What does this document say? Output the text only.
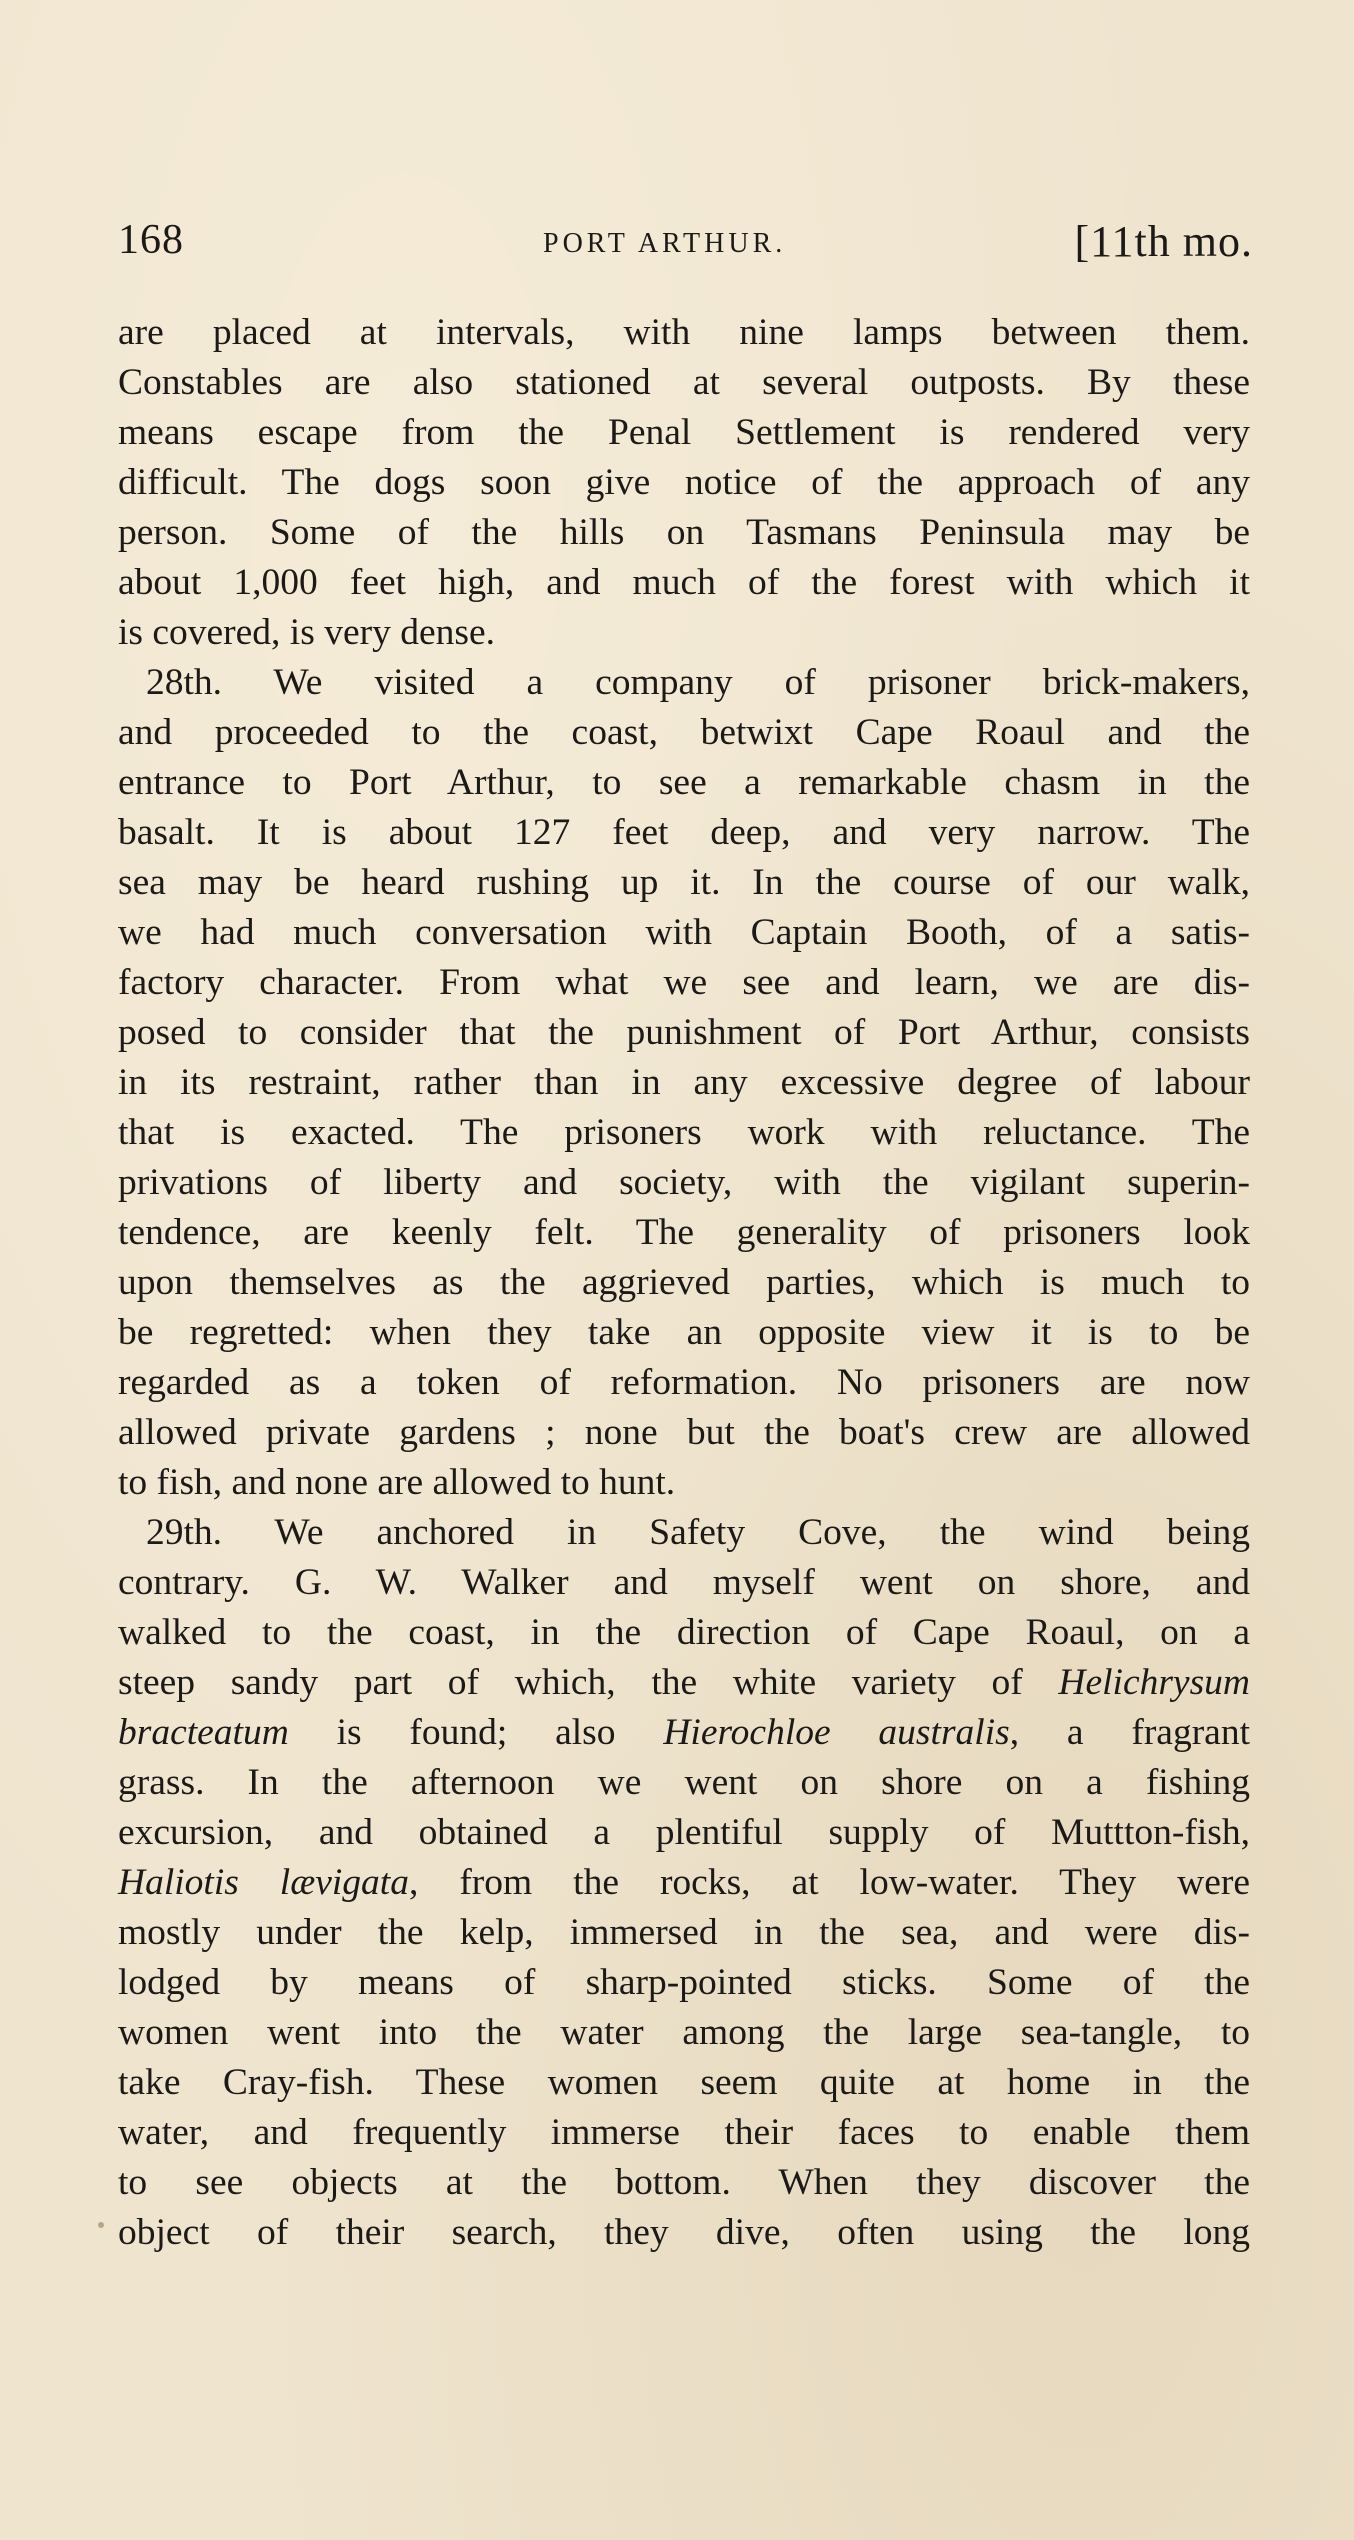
168	PORT ARTHUR.	[11th mo.
are placed at intervals, with nine lamps between them.
Constables are also stationed at several outposts. By these
means escape from the Penal Settlement is rendered very
difficult. The dogs soon give notice of the approach of any
person. Some of the hills on Tasmans Peninsula may be
about 1,000 feet high, and much of the forest with which it
is covered, is very dense.
28th. We visited a company of prisoner brick-makers,
and proceeded to the coast, betwixt Cape Roaul and the
entrance to Port Arthur, to see a remarkable chasm in the
basalt. It is about 127 feet deep, and very narrow. The
sea may be heard rushing up it. In the course of our walk,
we had much conversation with Captain Booth, of a satis-
factory character. From what we see and learn, we are dis-
posed to consider that the punishment of Port Arthur, consists
in its restraint, rather than in any excessive degree of labour
that is exacted. The prisoners work with reluctance. The
privations of liberty and society, with the vigilant superin-
tendence, are keenly felt. The generality of prisoners look
upon themselves as the aggrieved parties, which is much to
be regretted: when they take an opposite view it is to be
regarded as a token of reformation. No prisoners are now
allowed private gardens ; none but the boat's crew are allowed
to fish, and none are allowed to hunt.
29th. We anchored in Safety Cove, the wind being
contrary. G. W. Walker and myself went on shore, and
walked to the coast, in the direction of Cape Roaul, on a
steep sandy part of which, the white variety of Helichrysum
bracteatum is found; also Hierochloe australis, a fragrant
grass. In the afternoon we went on shore on a fishing
excursion, and obtained a plentiful supply of Muttton-fish,
Haliotis lævigata, from the rocks, at low-water. They were
mostly under the kelp, immersed in the sea, and were dis-
lodged by means of sharp-pointed sticks. Some of the
women went into the water among the large sea-tangle, to
take Cray-fish. These women seem quite at home in the
water, and frequently immerse their faces to enable them
to see objects at the bottom. When they discover the
object of their search, they dive, often using the long
